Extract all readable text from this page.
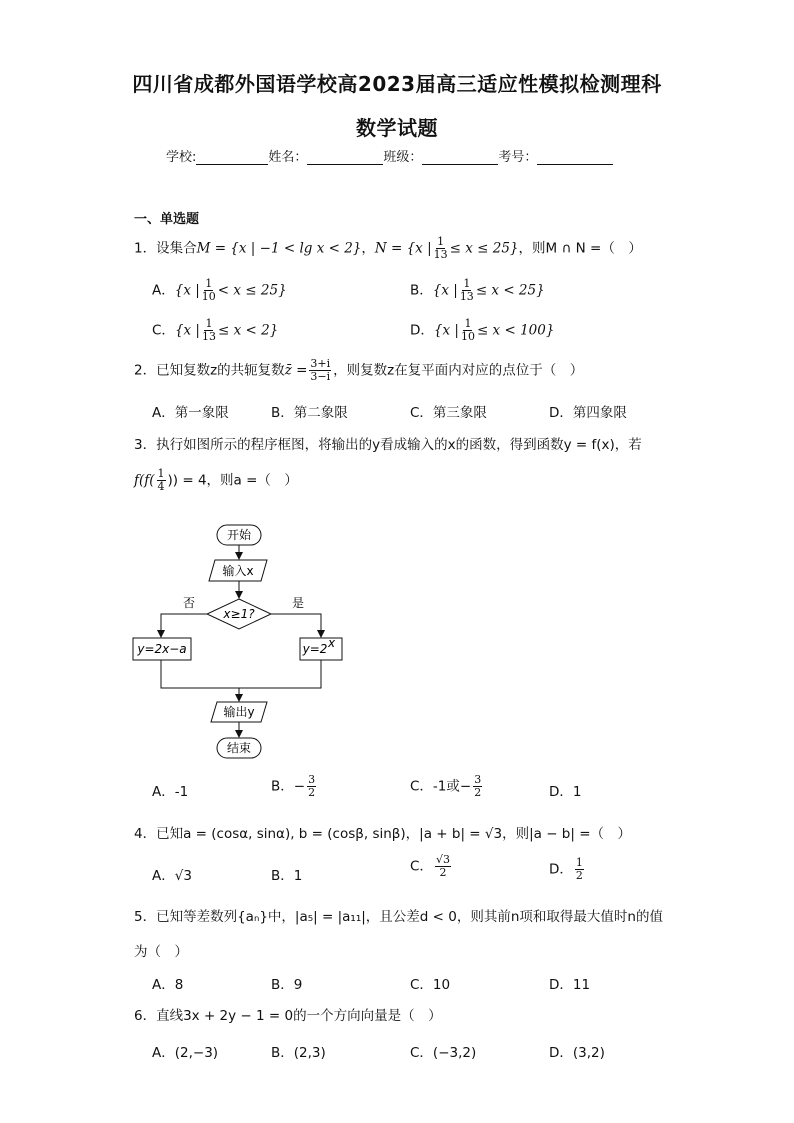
四川省成都外国语学校高2023届高三适应性模拟检测理科
数学试题
学校:	姓名：	班级：	考号：
一、单选题
1．设集合M = {x | −1 < lg x < 2}，N = {x | $\frac{1}{13} \le x \le 25$}，则M ∩ N =（　）
A．{x | $\frac{1}{10} < x \le 25$}	B．{x | $\frac{1}{13} \le x < 25$}
C．{x | $\frac{1}{13} \le x < 2$}	D．{x | $\frac{1}{10} \le x < 100$}
2．已知复数z的共轭复数z̄ = $\frac{3+i}{3-i}$ ，则复数z在复平面内对应的点位于（　）
A．第一象限	B．第二象限	C．第三象限	D．第四象限
3．执行如图所示的程序框图，将输出的y看成输入的x的函数，得到函数y = f(x)，若
$f(f( \frac{1}{4}$ )) = 4，则a =（　）
开始
输入x
x≥1?
否	是
y=2x−a	y=2 x
输出y
结束
A．-1	B．− $\frac{3}{2}$	C．-1或− $\frac{3}{2}$	D．1
4．已知a = (cosα, sinα), b = (cosβ, sinβ)，|a + b| = √3，则|a − b| =（　）
A．√3	B．1
C． $\frac{√3}{2}$	D． $\frac{1}{2}$
5．已知等差数列{aₙ}中，|a₅| = |a₁₁|，且公差d < 0，则其前n项和取得最大值时n的值
为（　）
A．8	B．9	C．10	D．11
6．直线3x + 2y − 1 = 0的一个方向向量是（　）
A．(2,−3)	B．(2,3)	C．(−3,2)	D．(3,2)
